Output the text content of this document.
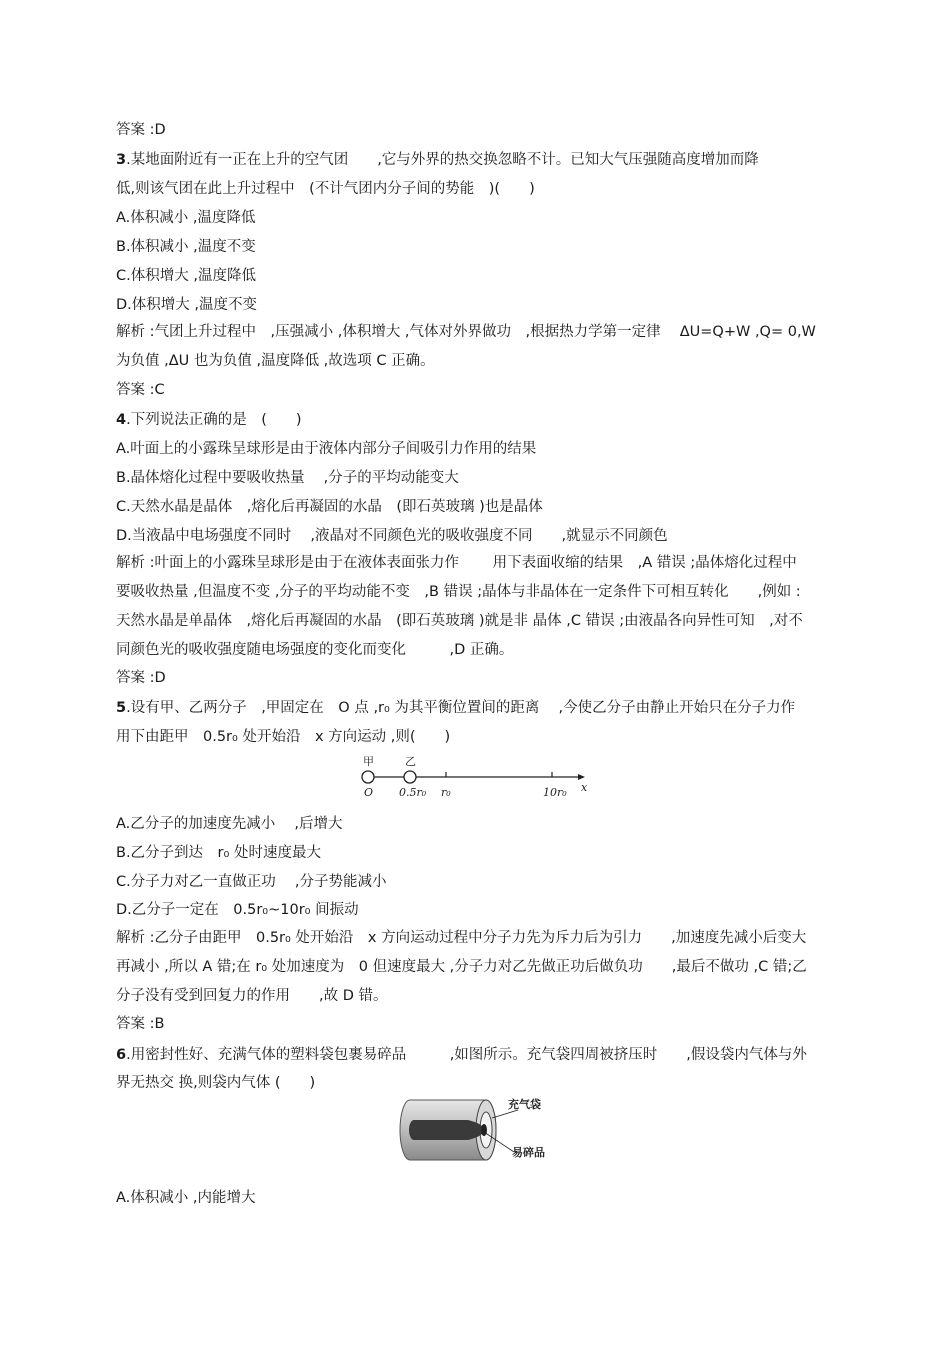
答案 :D
3.某地面附近有一正在上升的空气团　　,它与外界的热交换忽略不计。已知大气压强随高度增加而降
低,则该气团在此上升过程中　(不计气团内分子间的势能　)(　　)
A.体积减小 ,温度降低
B.体积减小 ,温度不变
C.体积增大 ,温度降低
D.体积增大 ,温度不变
解析 :气团上升过程中　,压强减小 ,体积增大 ,气体对外界做功　,根据热力学第一定律　 ΔU=Q+W ,Q= 0,W
为负值 ,ΔU 也为负值 ,温度降低 ,故选项 C 正确。
答案 :C
4.下列说法正确的是　(　　)
A.叶面上的小露珠呈球形是由于液体内部分子间吸引力作用的结果
B.晶体熔化过程中要吸收热量　 ,分子的平均动能变大
C.天然水晶是晶体　,熔化后再凝固的水晶　(即石英玻璃 )也是晶体
D.当液晶中电场强度不同时　 ,液晶对不同颜色光的吸收强度不同　　,就显示不同颜色
解析 :叶面上的小露珠呈球形是由于在液体表面张力作　　 用下表面收缩的结果　,A 错误 ;晶体熔化过程中
要吸收热量 ,但温度不变 ,分子的平均动能不变　,B 错误 ;晶体与非晶体在一定条件下可相互转化　　,例如 :
天然水晶是单晶体　,熔化后再凝固的水晶　(即石英玻璃 )就是非 晶体 ,C 错误 ;由液晶各向异性可知　,对不
同颜色光的吸收强度随电场强度的变化而变化　　　,D 正确。
答案 :D
5.设有甲、乙两分子　,甲固定在　O 点 ,r₀ 为其平衡位置间的距离　 ,今使乙分子由静止开始只在分子力作
用下由距甲　0.5r₀ 处开始沿　x 方向运动 ,则(　　)
A.乙分子的加速度先减小　 ,后增大
B.乙分子到达　r₀ 处时速度最大
C.分子力对乙一直做正功　 ,分子势能减小
D.乙分子一定在　0.5r₀~10r₀ 间振动
解析 :乙分子由距甲　0.5r₀ 处开始沿　x 方向运动过程中分子力先为斥力后为引力　　,加速度先减小后变大
再减小 ,所以 A 错;在 r₀ 处加速度为　0 但速度最大 ,分子力对乙先做正功后做负功　　,最后不做功 ,C 错;乙
分子没有受到回复力的作用　　,故 D 错。
答案 :B
6.用密封性好、充满气体的塑料袋包裹易碎品　　　,如图所示。充气袋四周被挤压时　　,假设袋内气体与外
界无热交 换,则袋内气体 (　　)
A.体积减小 ,内能增大
甲	乙
O 0.5r₀ r₀	10r₀ x
充气袋
易碎品
